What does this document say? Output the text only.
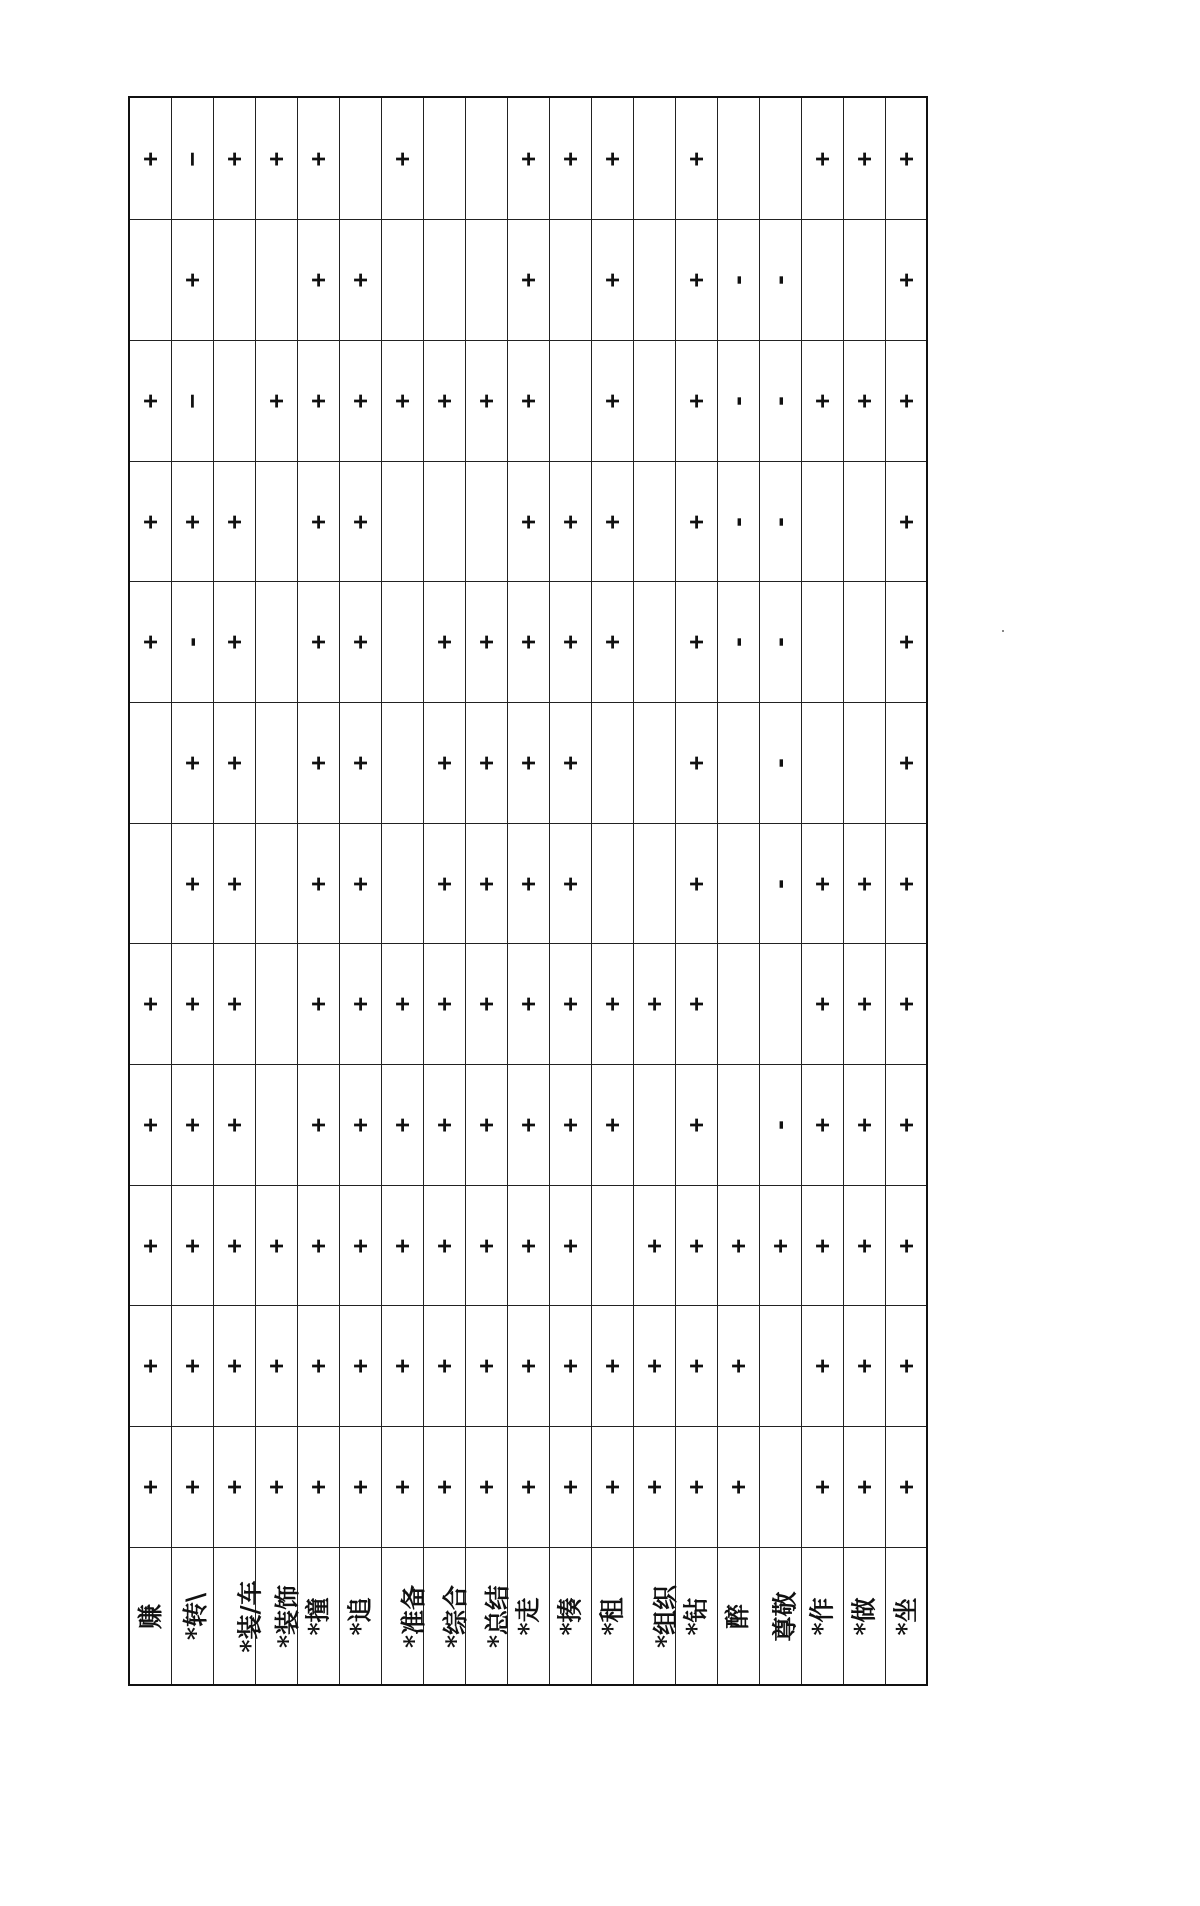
+	−	+	+	+		+			+	+	+		+			+	+	+
	+			+	+				+		+		+	-	-			+
+	−		+	+	+	+	+	+	+		+		+	-	-	+	+	+
+	+	+		+	+				+	+	+		+	-	-			+
+	-	+		+	+		+	+	+	+	+		+	-	-			+
	+	+		+	+		+	+	+	+			+		-			+
	+	+		+	+		+	+	+	+			+		-	+	+	+
+	+	+		+	+	+	+	+	+	+	+	+	+			+	+	+
+	+	+		+	+	+	+	+	+	+	+		+		-	+	+	+
+	+	+	+	+	+	+	+	+	+	+		+	+	+	+	+	+	+
+	+	+	+	+	+	+	+	+	+	+	+	+	+	+		+	+	+
+	+	+	+	+	+	+	+	+	+	+	+	+	+	+		+	+	+
赚	*转\	*装/车	*装饰	*撞	*追	*准备	*综合	*总结	*走	*揍	*租	*组织	*钻	醉	尊敬	*作	*做	*坐
